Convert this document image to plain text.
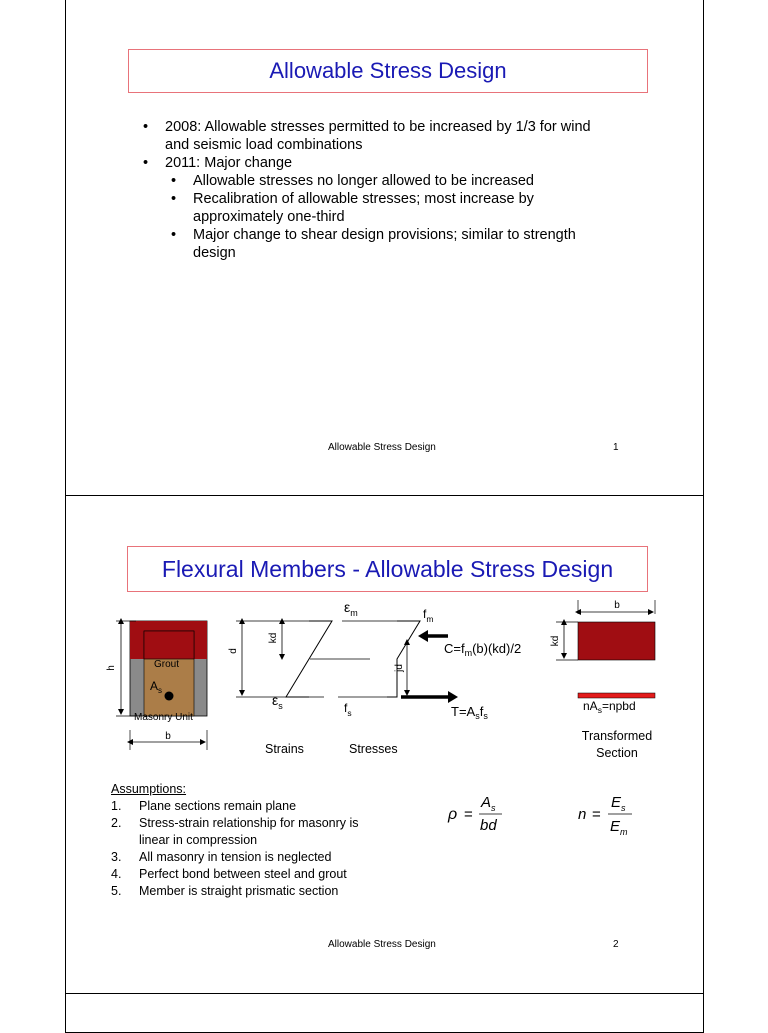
Allowable Stress Design
• 2008: Allowable stresses permitted to be increased by 1/3 for wind and seismic load combinations
• 2011: Major change
• Allowable stresses no longer allowed to be increased
• Recalibration of allowable stresses; most increase by approximately one-third
• Major change to shear design provisions; similar to strength design
Allowable Stress Design	1
Flexural Members - Allowable Stress Design
Grout
$A_s$
Masonry Unit
h
b
d
kd
$\varepsilon_m$
$\varepsilon_s$
jd
$f_m$
$f_s$
$C=f_m(b)(kd)/2$
$T=A_sf_s$
Strains	Stresses
b
kd
$nA_s=npbd$
Transformed
Section
Assumptions:
1.	Plane sections remain plane
2.	Stress-strain relationship for masonry is linear in compression
3.	All masonry in tension is neglected
4.	Perfect bond between steel and grout
5.	Member is straight prismatic section
ρ =
$A_s$
bd
n =
$E_s$
$E_m$
Allowable Stress Design	2
